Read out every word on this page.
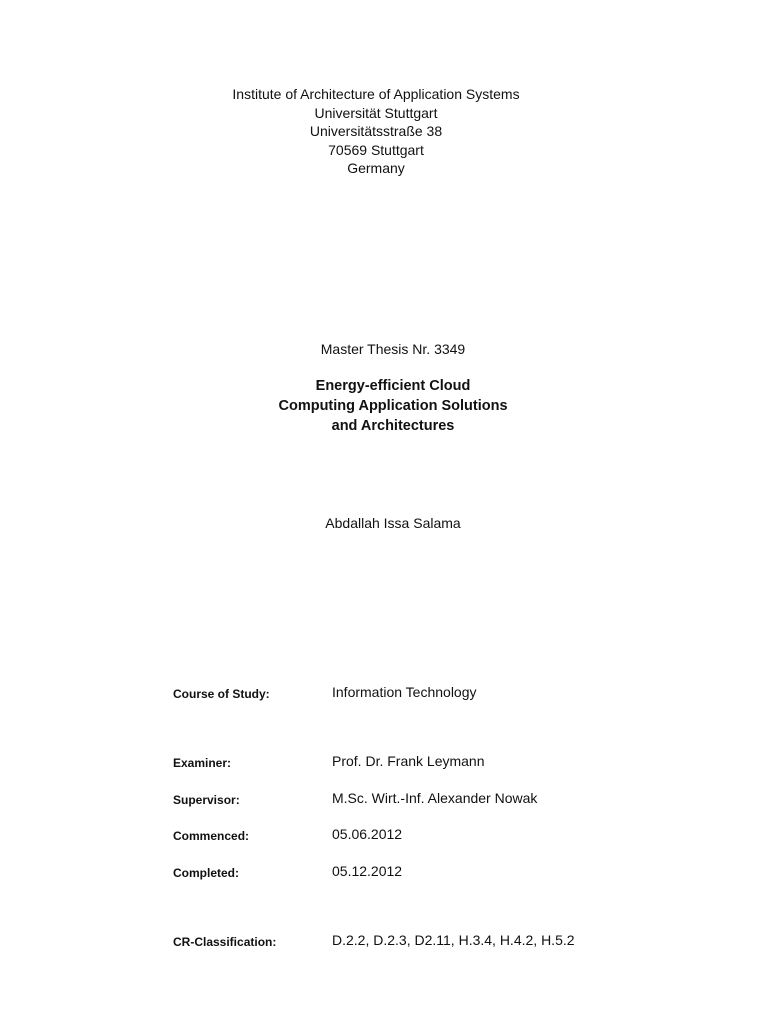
Institute of Architecture of Application Systems
Universität Stuttgart
Universitätsstraße 38
70569 Stuttgart
Germany
Master Thesis Nr. 3349
Energy-efficient Cloud
Computing Application Solutions
and Architectures
Abdallah Issa Salama
Course of Study:	Information Technology
Examiner:	Prof. Dr. Frank Leymann
Supervisor:	M.Sc. Wirt.-Inf. Alexander Nowak
Commenced:	05.06.2012
Completed:	05.12.2012
CR-Classification:	D.2.2, D.2.3, D2.11, H.3.4, H.4.2, H.5.2
